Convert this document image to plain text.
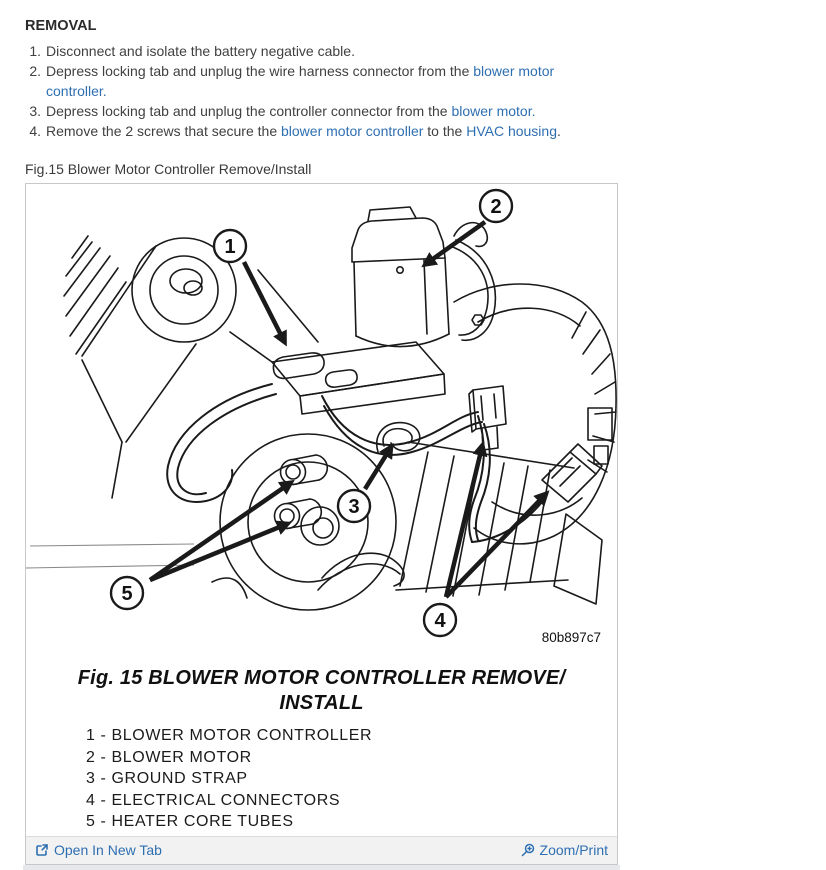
REMOVAL
1. Disconnect and isolate the battery negative cable.
2. Depress locking tab and unplug the wire harness connector from the blower motor controller.
3. Depress locking tab and unplug the controller connector from the blower motor.
4. Remove the 2 screws that secure the blower motor controller to the HVAC housing.
Fig.15 Blower Motor Controller Remove/Install
1
2
3
4
5
80b897c7
Fig. 15 BLOWER MOTOR CONTROLLER REMOVE/
INSTALL
1 - BLOWER MOTOR CONTROLLER
2 - BLOWER MOTOR
3 - GROUND STRAP
4 - ELECTRICAL CONNECTORS
5 - HEATER CORE TUBES
Open In New Tab	Zoom/Print
